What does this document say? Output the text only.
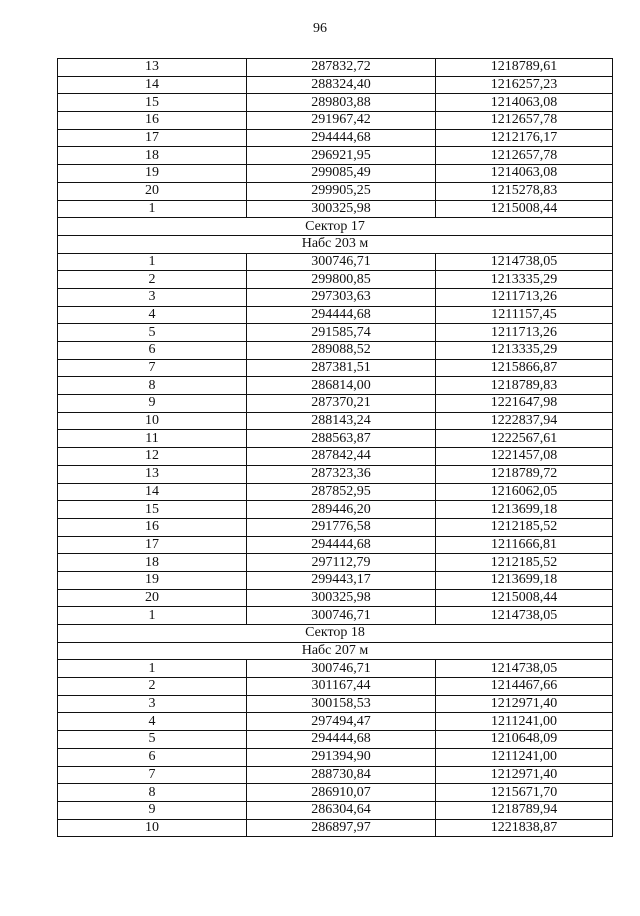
96
13	287832,72	1218789,61
14	288324,40	1216257,23
15	289803,88	1214063,08
16	291967,42	1212657,78
17	294444,68	1212176,17
18	296921,95	1212657,78
19	299085,49	1214063,08
20	299905,25	1215278,83
1	300325,98	1215008,44
Сектор 17		
Набс 203 м		
1	300746,71	1214738,05
2	299800,85	1213335,29
3	297303,63	1211713,26
4	294444,68	1211157,45
5	291585,74	1211713,26
6	289088,52	1213335,29
7	287381,51	1215866,87
8	286814,00	1218789,83
9	287370,21	1221647,98
10	288143,24	1222837,94
11	288563,87	1222567,61
12	287842,44	1221457,08
13	287323,36	1218789,72
14	287852,95	1216062,05
15	289446,20	1213699,18
16	291776,58	1212185,52
17	294444,68	1211666,81
18	297112,79	1212185,52
19	299443,17	1213699,18
20	300325,98	1215008,44
1	300746,71	1214738,05
Сектор 18		
Набс 207 м		
1	300746,71	1214738,05
2	301167,44	1214467,66
3	300158,53	1212971,40
4	297494,47	1211241,00
5	294444,68	1210648,09
6	291394,90	1211241,00
7	288730,84	1212971,40
8	286910,07	1215671,70
9	286304,64	1218789,94
10	286897,97	1221838,87
